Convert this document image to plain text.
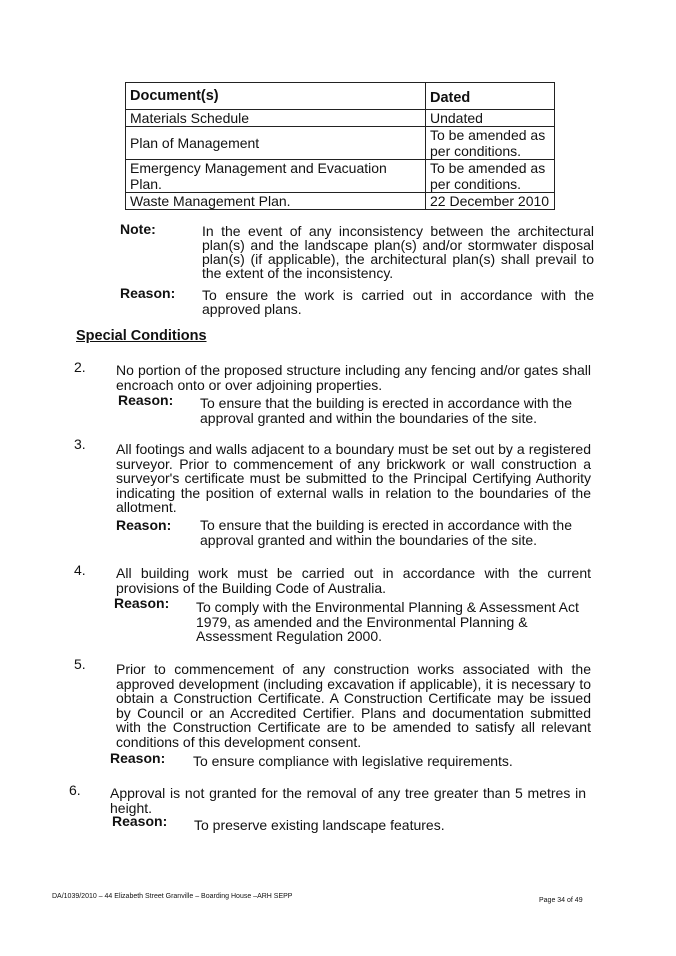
Document(s)	Dated
Materials Schedule	Undated
Plan of Management	To be amended as per conditions.
Emergency Management and Evacuation Plan.	To be amended as per conditions.
Waste Management Plan.	22 December 2010
Note:	In the event of any inconsistency between the architectural plan(s) and the landscape plan(s) and/or stormwater disposal plan(s) (if applicable), the architectural plan(s) shall prevail to the extent of the inconsistency.
Reason: To ensure the work is carried out in accordance with the approved plans.
Special Conditions
2. No portion of the proposed structure including any fencing and/or gates shall encroach onto or over adjoining properties.
Reason: To ensure that the building is erected in accordance with the approval granted and within the boundaries of the site.
3. All footings and walls adjacent to a boundary must be set out by a registered surveyor. Prior to commencement of any brickwork or wall construction a surveyor's certificate must be submitted to the Principal Certifying Authority indicating the position of external walls in relation to the boundaries of the allotment.
Reason: To ensure that the building is erected in accordance with the approval granted and within the boundaries of the site.
4. All building work must be carried out in accordance with the current provisions of the Building Code of Australia.
Reason: To comply with the Environmental Planning & Assessment Act 1979, as amended and the Environmental Planning & Assessment Regulation 2000.
5. Prior to commencement of any construction works associated with the approved development (including excavation if applicable), it is necessary to obtain a Construction Certificate. A Construction Certificate may be issued by Council or an Accredited Certifier. Plans and documentation submitted with the Construction Certificate are to be amended to satisfy all relevant conditions of this development consent.
Reason: To ensure compliance with legislative requirements.
6. Approval is not granted for the removal of any tree greater than 5 metres in height.
Reason: To preserve existing landscape features.
DA/1039/2010 – 44 Elizabeth Street Granville – Boarding House –ARH SEPP
Page 34 of 49
